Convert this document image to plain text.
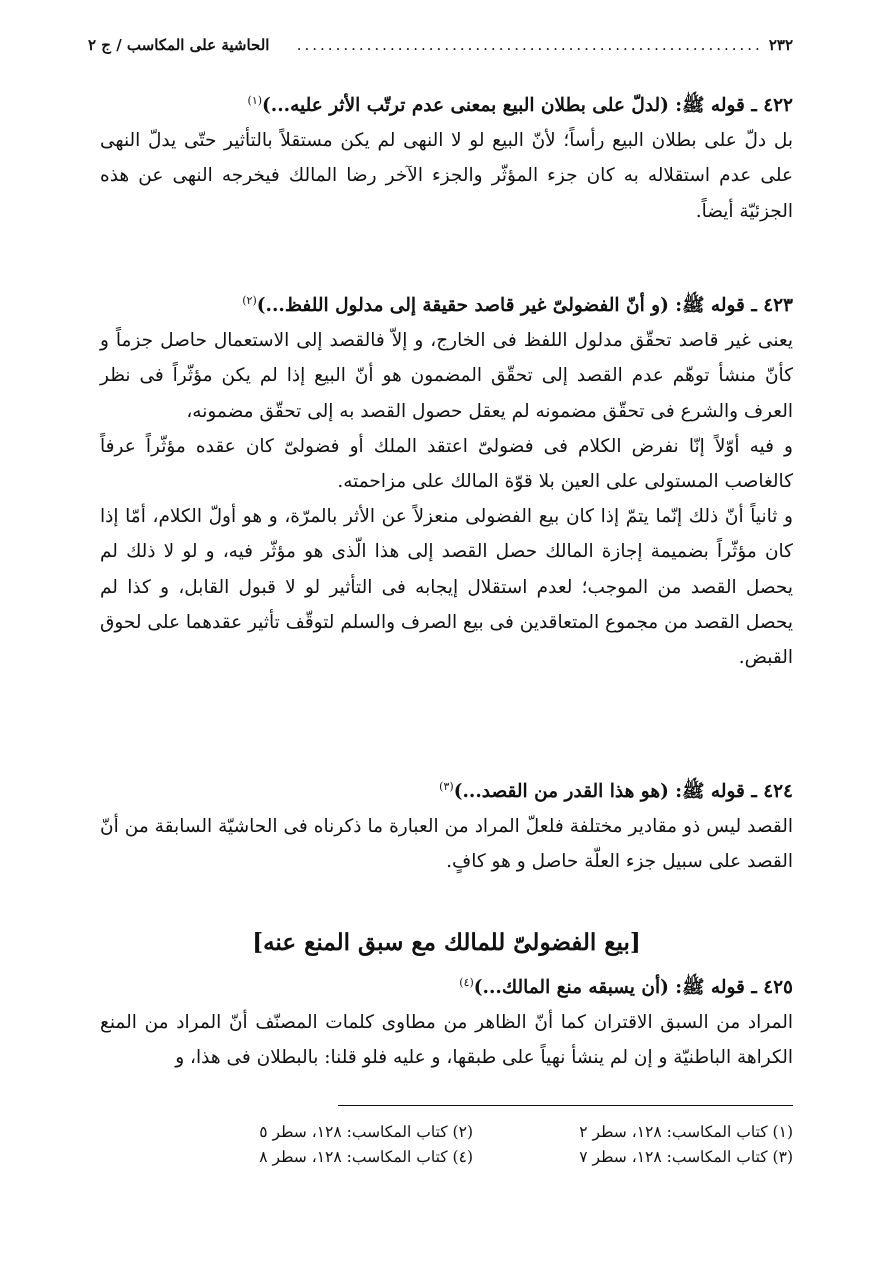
٢٣٢
............................................................
الحاشية على المكاسب / ج ٢
٤٢٢ ـ قوله ﷺ: (لدلّ على بطلان البيع بمعنى عدم ترتّب الأثر عليه...)$^{(١)}$

بل دلّ على بطلان البيع رأساً؛ لأنّ البيع لو لا النهى لم يكن مستقلاً بالتأثير حتّى يدلّ النهى على عدم استقلاله به كان جزء المؤثّر والجزء الآخر رضا المالك فيخرجه النهى عن هذه الجزئيّة أيضاً.

٤٢٣ ـ قوله ﷺ: (و أنّ الفضولىّ غير قاصد حقيقة إلى مدلول اللفظ...)$^{(٢)}$

يعنى غير قاصد تحقّق مدلول اللفظ فى الخارج، و إلاّ فالقصد إلى الاستعمال حاصل جزماً و كأنّ منشأ توهّم عدم القصد إلى تحقّق المضمون هو أنّ البيع إذا لم يكن مؤثّراً فى نظر العرف والشرع فى تحقّق مضمونه لم يعقل حصول القصد به إلى تحقّق مضمونه،

و فيه أوّلاً إنّا نفرض الكلام فى فضولىّ اعتقد الملك أو فضولىّ كان عقده مؤثّراً عرفاً كالغاصب المستولى على العين بلا قوّة المالك على مزاحمته.

و ثانياً أنّ ذلك إنّما يتمّ إذا كان بيع الفضولى منعزلاً عن الأثر بالمرّة، و هو أولّ الكلام، أمّا إذا كان مؤثّراً بضميمة إجازة المالك حصل القصد إلى هذا الّذى هو مؤثّر فيه، و لو لا ذلك لم يحصل القصد من الموجب؛ لعدم استقلال إيجابه فى التأثير لو لا قبول القابل، و كذا لم يحصل القصد من مجموع المتعاقدين فى بيع الصرف والسلم لتوقّف تأثير عقدهما على لحوق القبض.

٤٢٤ ـ قوله ﷺ: (هو هذا القدر من القصد...)$^{(٣)}$

القصد ليس ذو مقادير مختلفة فلعلّ المراد من العبارة ما ذكرناه فى الحاشيّة السابقة من أنّ القصد على سبيل جزء العلّة حاصل و هو كافٍ.

[بيع الفضولىّ للمالك مع سبق المنع عنه]
٤٢٥ ـ قوله ﷺ: (أن يسبقه منع المالك...)$^{(٤)}$

المراد من السبق الاقتران كما أنّ الظاهر من مطاوى كلمات المصنّف أنّ المراد من المنع الكراهة الباطنيّة و إن لم ينشأ نهياً على طبقها، و عليه فلو قلنا: بالبطلان فى هذا، و

(١) كتاب المكاسب: ١٢٨، سطر ٢
(٢) كتاب المكاسب: ١٢٨، سطر ٥
(٣) كتاب المكاسب: ١٢٨، سطر ٧
(٤) كتاب المكاسب: ١٢٨، سطر ٨
